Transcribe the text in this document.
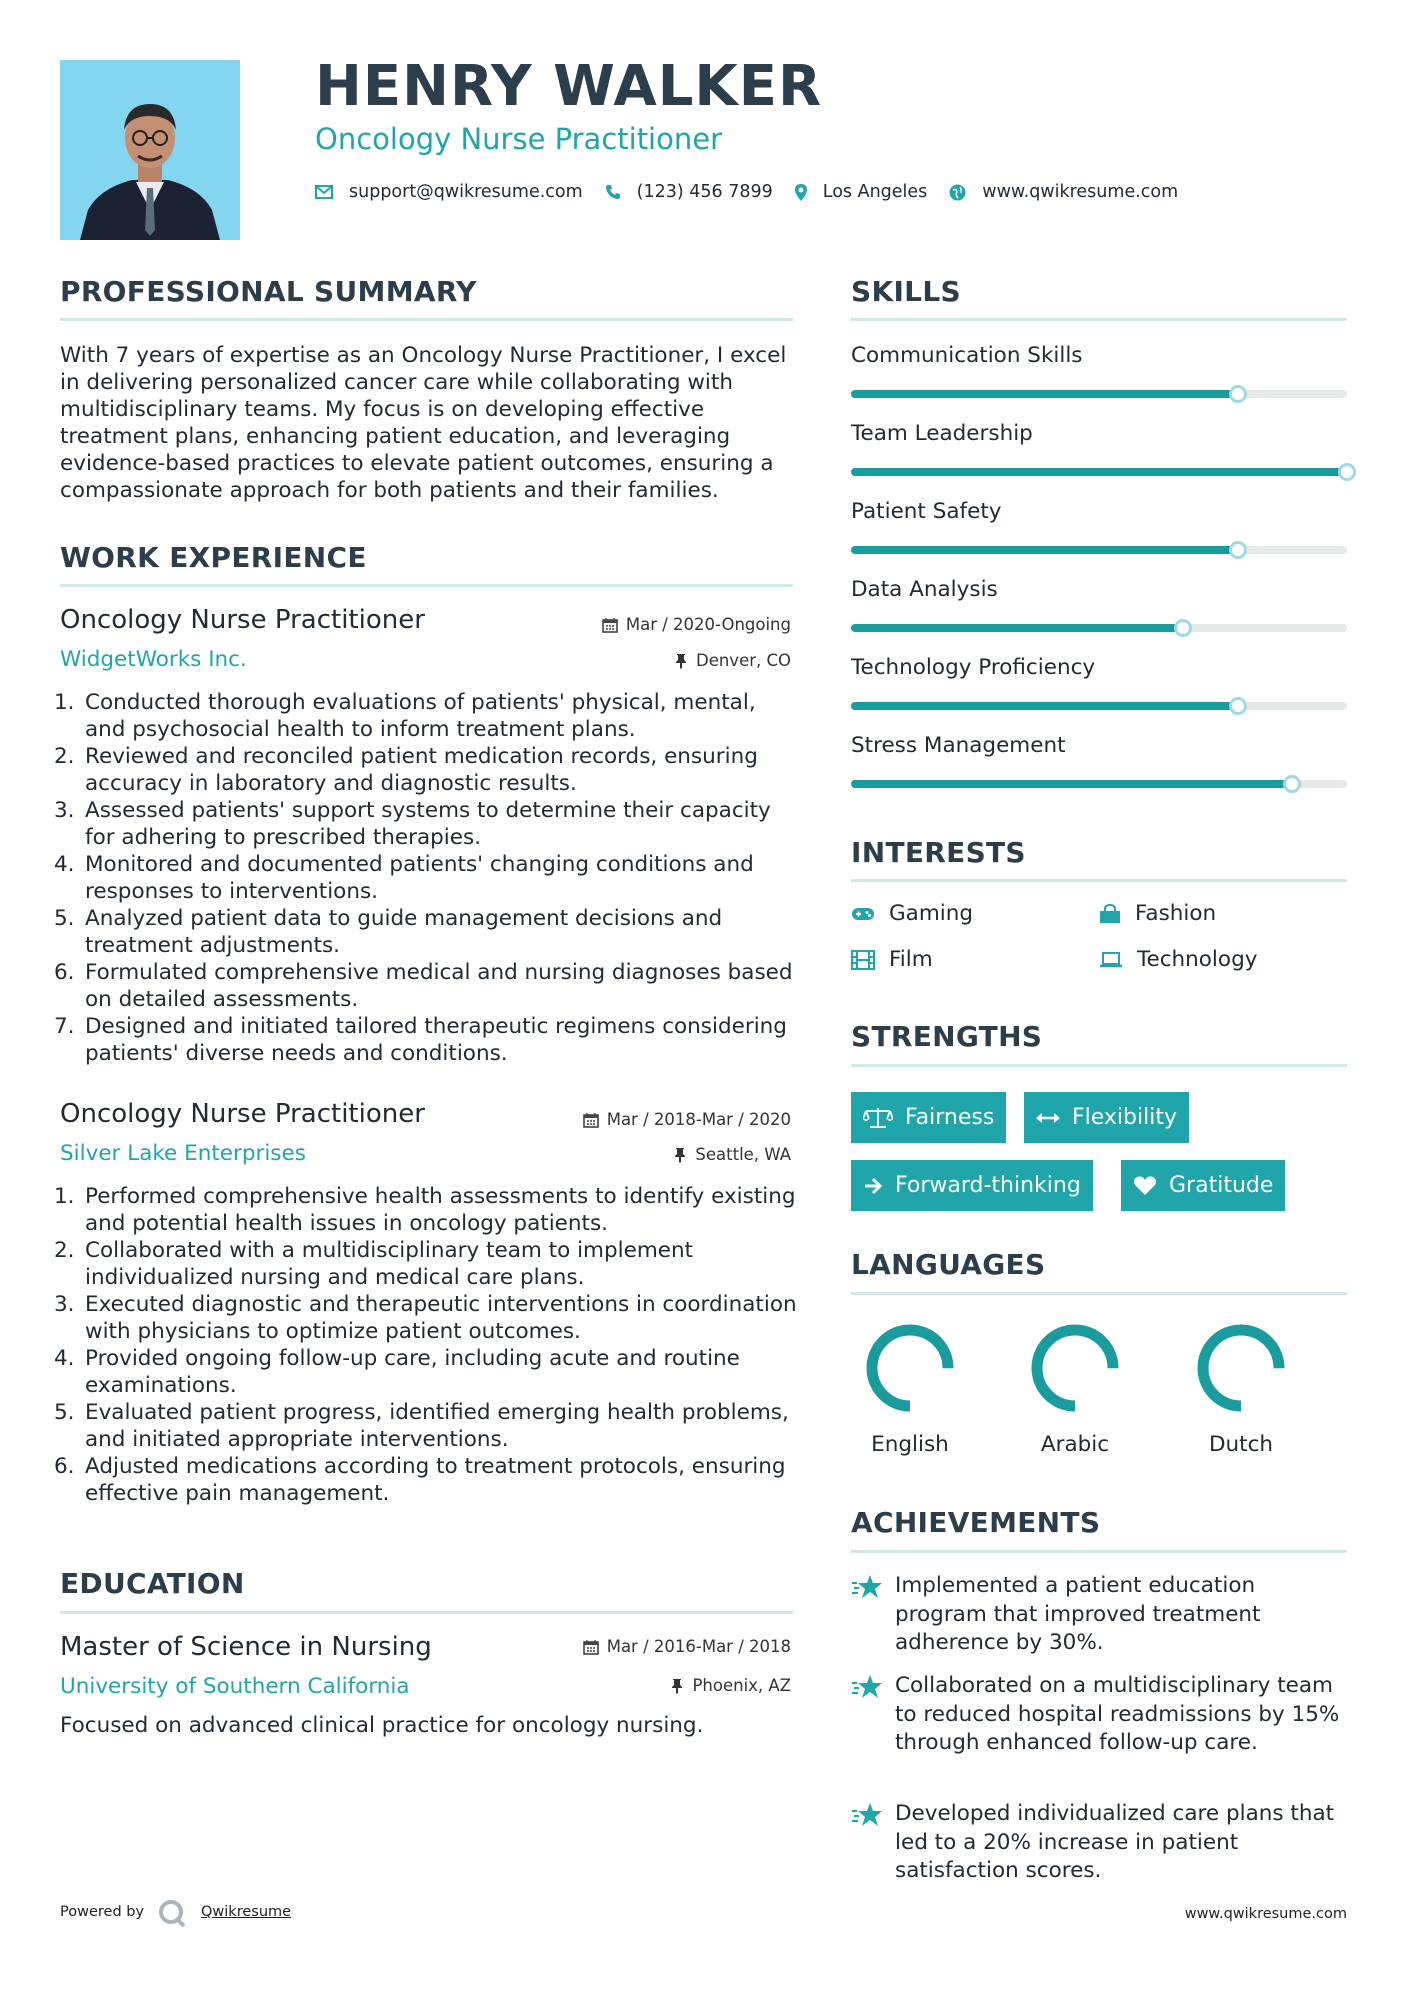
HENRY WALKER
Oncology Nurse Practitioner
support@qwikresume.com	(123) 456 7899	Los Angeles	www.qwikresume.com
PROFESSIONAL SUMMARY
With 7 years of expertise as an Oncology Nurse Practitioner, I excel in delivering personalized cancer care while collaborating with multidisciplinary teams. My focus is on developing effective treatment plans, enhancing patient education, and leveraging evidence-based practices to elevate patient outcomes, ensuring a compassionate approach for both patients and their families.
WORK EXPERIENCE
Oncology Nurse Practitioner	Mar / 2020-Ongoing
WidgetWorks Inc.	Denver, CO
1. Conducted thorough evaluations of patients' physical, mental, and psychosocial health to inform treatment plans.
2. Reviewed and reconciled patient medication records, ensuring accuracy in laboratory and diagnostic results.
3. Assessed patients' support systems to determine their capacity for adhering to prescribed therapies.
4. Monitored and documented patients' changing conditions and responses to interventions.
5. Analyzed patient data to guide management decisions and treatment adjustments.
6. Formulated comprehensive medical and nursing diagnoses based on detailed assessments.
7. Designed and initiated tailored therapeutic regimens considering patients' diverse needs and conditions.
Oncology Nurse Practitioner	Mar / 2018-Mar / 2020
Silver Lake Enterprises	Seattle, WA
1. Performed comprehensive health assessments to identify existing and potential health issues in oncology patients.
2. Collaborated with a multidisciplinary team to implement individualized nursing and medical care plans.
3. Executed diagnostic and therapeutic interventions in coordination with physicians to optimize patient outcomes.
4. Provided ongoing follow-up care, including acute and routine examinations.
5. Evaluated patient progress, identified emerging health problems, and initiated appropriate interventions.
6. Adjusted medications according to treatment protocols, ensuring effective pain management.
EDUCATION
Master of Science in Nursing	Mar / 2016-Mar / 2018
University of Southern California	Phoenix, AZ
Focused on advanced clinical practice for oncology nursing.
SKILLS
Communication Skills
Team Leadership
Patient Safety
Data Analysis
Technology Proficiency
Stress Management
INTERESTS
Gaming	Fashion
Film	Technology
STRENGTHS
Fairness	Flexibility
Forward-thinking	Gratitude
LANGUAGES
English	Arabic	Dutch
ACHIEVEMENTS
Implemented a patient education program that improved treatment adherence by 30%.
Collaborated on a multidisciplinary team to reduced hospital readmissions by 15% through enhanced follow-up care.
Developed individualized care plans that led to a 20% increase in patient satisfaction scores.
Powered by	Qwikresume	www.qwikresume.com
